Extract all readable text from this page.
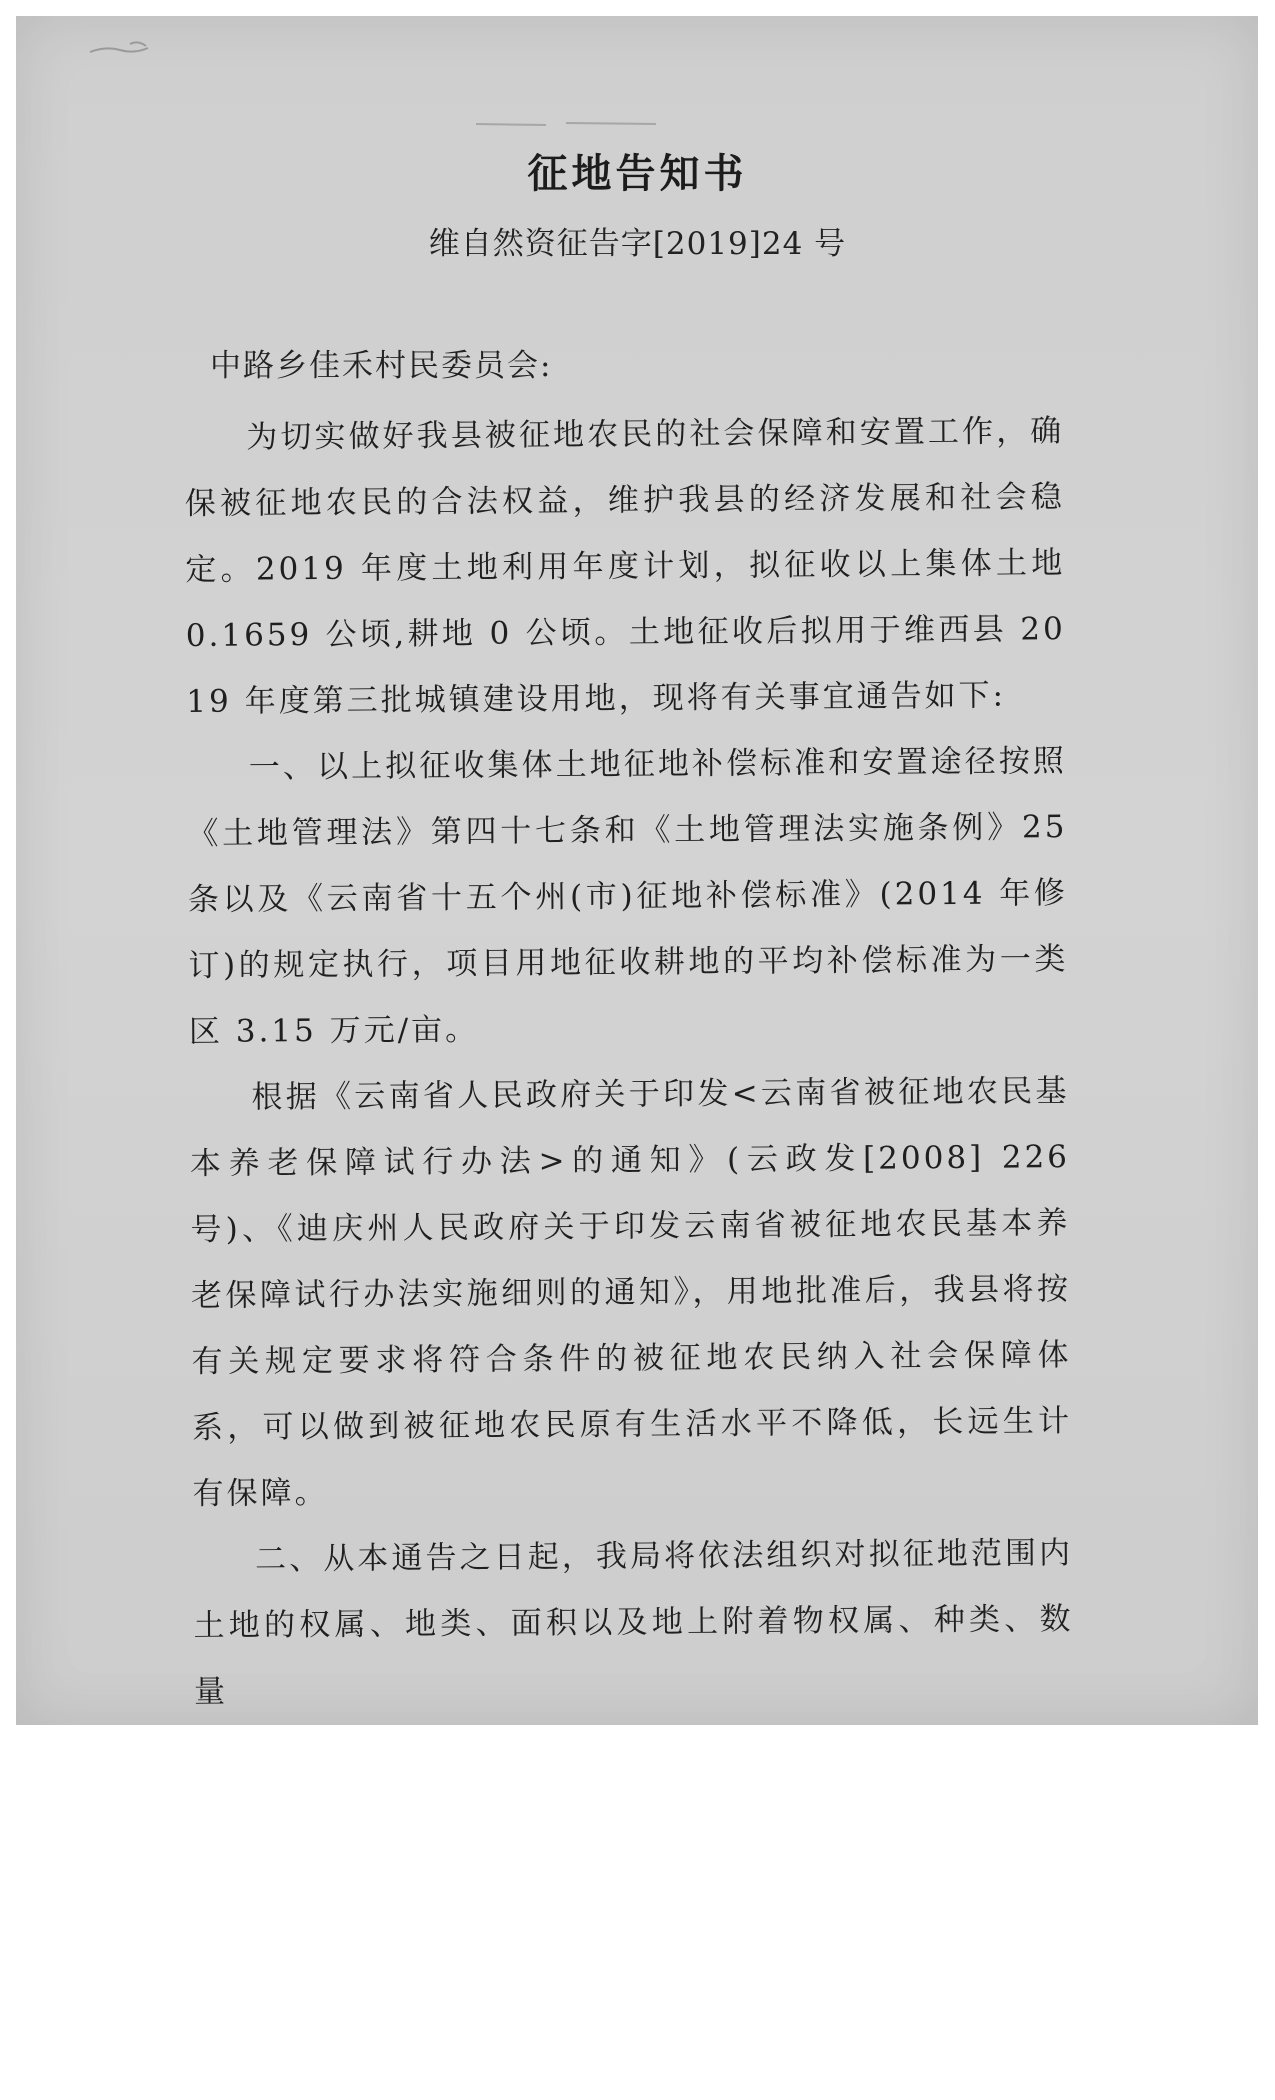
征地告知书
维自然资征告字[2019]24 号
中路乡佳禾村民委员会:

为切实做好我县被征地农民的社会保障和安置工作，确保被征地农民的合法权益，维护我县的经济发展和社会稳定。2019 年度土地利用年度计划，拟征收以上集体土地 0.1659 公顷,耕地 0 公顷。土地征收后拟用于维西县 2019 年度第三批城镇建设用地，现将有关事宜通告如下:

一、以上拟征收集体土地征地补偿标准和安置途径按照《土地管理法》第四十七条和《土地管理法实施条例》25 条以及《云南省十五个州(市)征地补偿标准》(2014 年修订)的规定执行，项目用地征收耕地的平均补偿标准为一类区 3.15 万元/亩。

根据《云南省人民政府关于印发<云南省被征地农民基本养老保障试行办法>的通知》(云政发[2008] 226 号)、《迪庆州人民政府关于印发云南省被征地农民基本养老保障试行办法实施细则的通知》，用地批准后，我县将按有关规定要求将符合条件的被征地农民纳入社会保障体系，可以做到被征地农民原有生活水平不降低，长远生计有保障。

二、从本通告之日起，我局将依法组织对拟征地范围内土地的权属、地类、面积以及地上附着物权属、种类、数量
